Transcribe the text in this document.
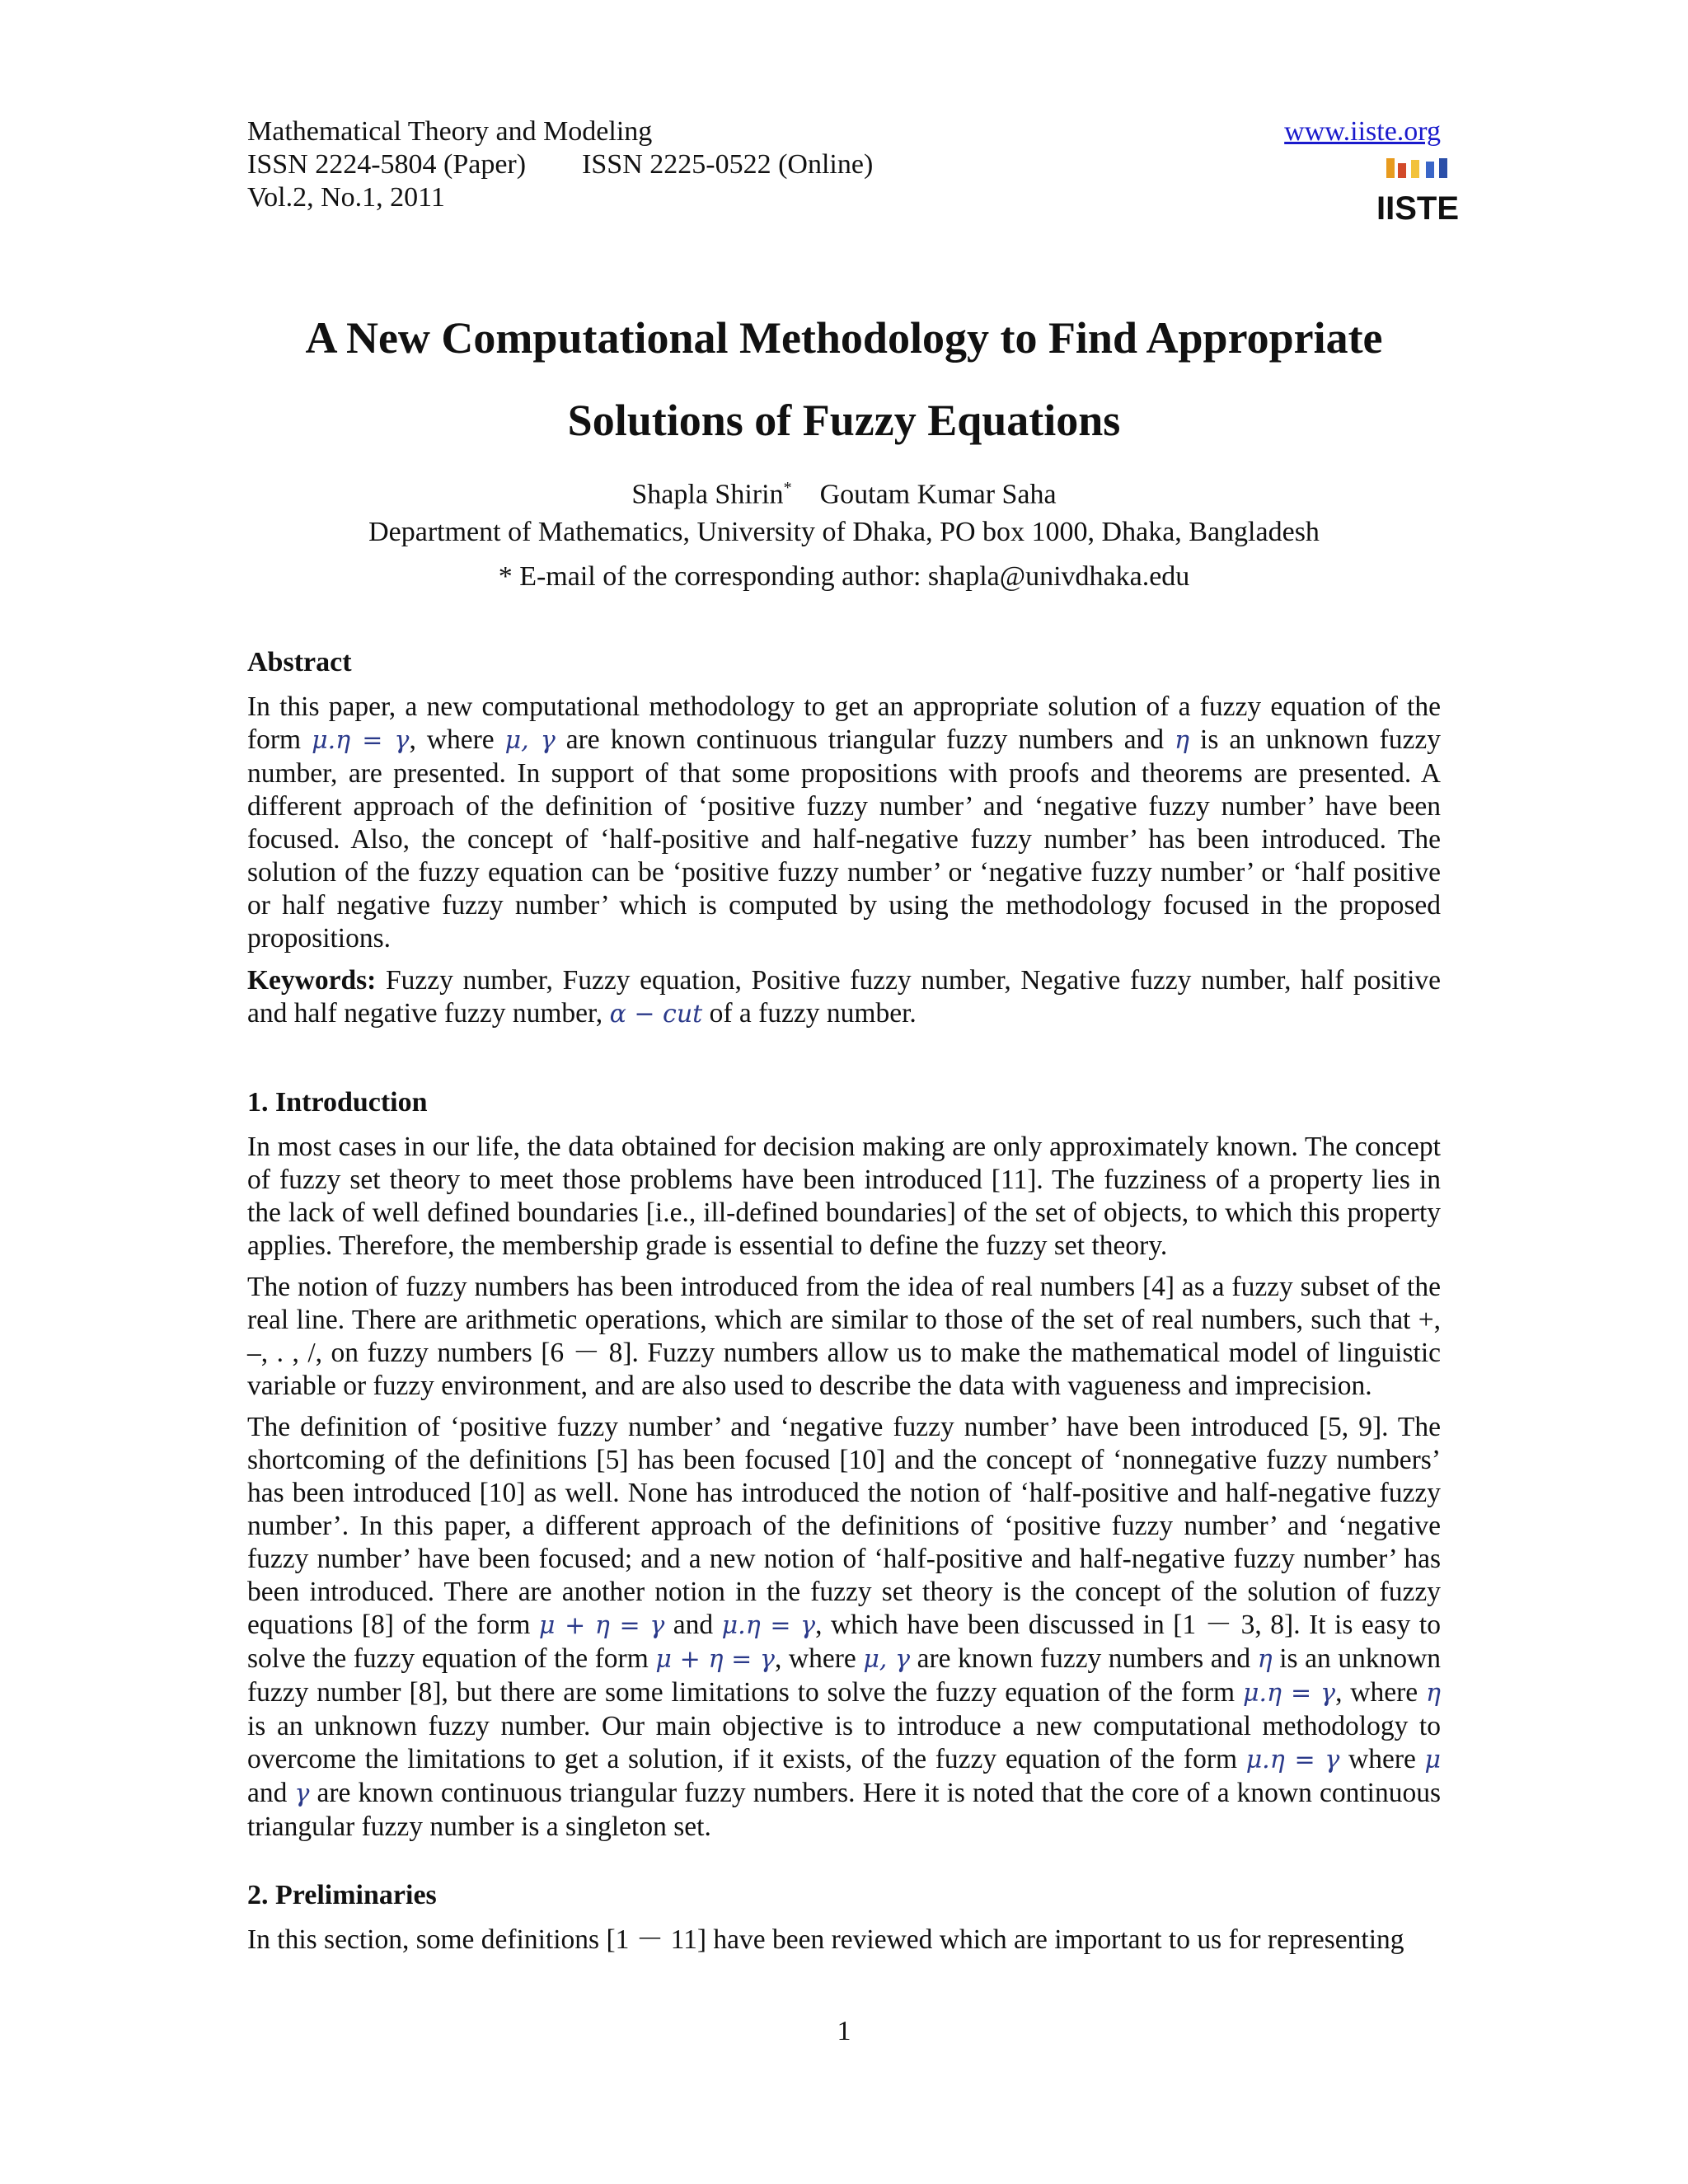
Mathematical Theory and Modeling
ISSN 2224-5804 (Paper)        ISSN 2225-0522 (Online)
Vol.2, No.1, 2011
www.iiste.org
IISTE
A New Computational Methodology to Find Appropriate
Solutions of Fuzzy Equations
Shapla Shirin* Goutam Kumar Saha
Department of Mathematics, University of Dhaka, PO box 1000, Dhaka, Bangladesh
* E-mail of the corresponding author: shapla@univdhaka.edu
Abstract
In this paper, a new computational methodology to get an appropriate solution of a fuzzy equation of the form μ.η = γ, where μ, γ are known continuous triangular fuzzy numbers and η is an unknown fuzzy number, are presented. In support of that some propositions with proofs and theorems are presented. A different approach of the definition of ‘positive fuzzy number’ and ‘negative fuzzy number’ have been focused. Also, the concept of ‘half-positive and half-negative fuzzy number’ has been introduced. The solution of the fuzzy equation can be ‘positive fuzzy number’ or ‘negative fuzzy number’ or ‘half positive or half negative fuzzy number’ which is computed by using the methodology focused in the proposed propositions.
Keywords: Fuzzy number, Fuzzy equation, Positive fuzzy number, Negative fuzzy number, half positive and half negative fuzzy number, α − cut of a fuzzy number.
1. Introduction
In most cases in our life, the data obtained for decision making are only approximately known. The concept of fuzzy set theory to meet those problems have been introduced [11]. The fuzziness of a property lies in the lack of well defined boundaries [i.e., ill-defined boundaries] of the set of objects, to which this property applies. Therefore, the membership grade is essential to define the fuzzy set theory.
The notion of fuzzy numbers has been introduced from the idea of real numbers [4] as a fuzzy subset of the real line. There are arithmetic operations, which are similar to those of the set of real numbers, such that +, –, . , /, on fuzzy numbers [6 － 8]. Fuzzy numbers allow us to make the mathematical model of linguistic variable or fuzzy environment, and are also used to describe the data with vagueness and imprecision.
The definition of ‘positive fuzzy number’ and ‘negative fuzzy number’ have been introduced [5, 9]. The shortcoming of the definitions [5] has been focused [10] and the concept of ‘nonnegative fuzzy numbers’ has been introduced [10] as well. None has introduced the notion of ‘half-positive and half-negative fuzzy number’. In this paper, a different approach of the definitions of ‘positive fuzzy number’ and ‘negative fuzzy number’ have been focused; and a new notion of ‘half-positive and half-negative fuzzy number’ has been introduced. There are another notion in the fuzzy set theory is the concept of the solution of fuzzy equations [8] of the form μ + η = γ and μ.η = γ, which have been discussed in [1 － 3, 8]. It is easy to solve the fuzzy equation of the form μ + η = γ, where μ, γ are known fuzzy numbers and η is an unknown fuzzy number [8], but there are some limitations to solve the fuzzy equation of the form μ.η = γ, where η is an unknown fuzzy number. Our main objective is to introduce a new computational methodology to overcome the limitations to get a solution, if it exists, of the fuzzy equation of the form μ.η = γ where μ and γ are known continuous triangular fuzzy numbers. Here it is noted that the core of a known continuous triangular fuzzy number is a singleton set.
2. Preliminaries
In this section, some definitions [1 － 11] have been reviewed which are important to us for representing
1
